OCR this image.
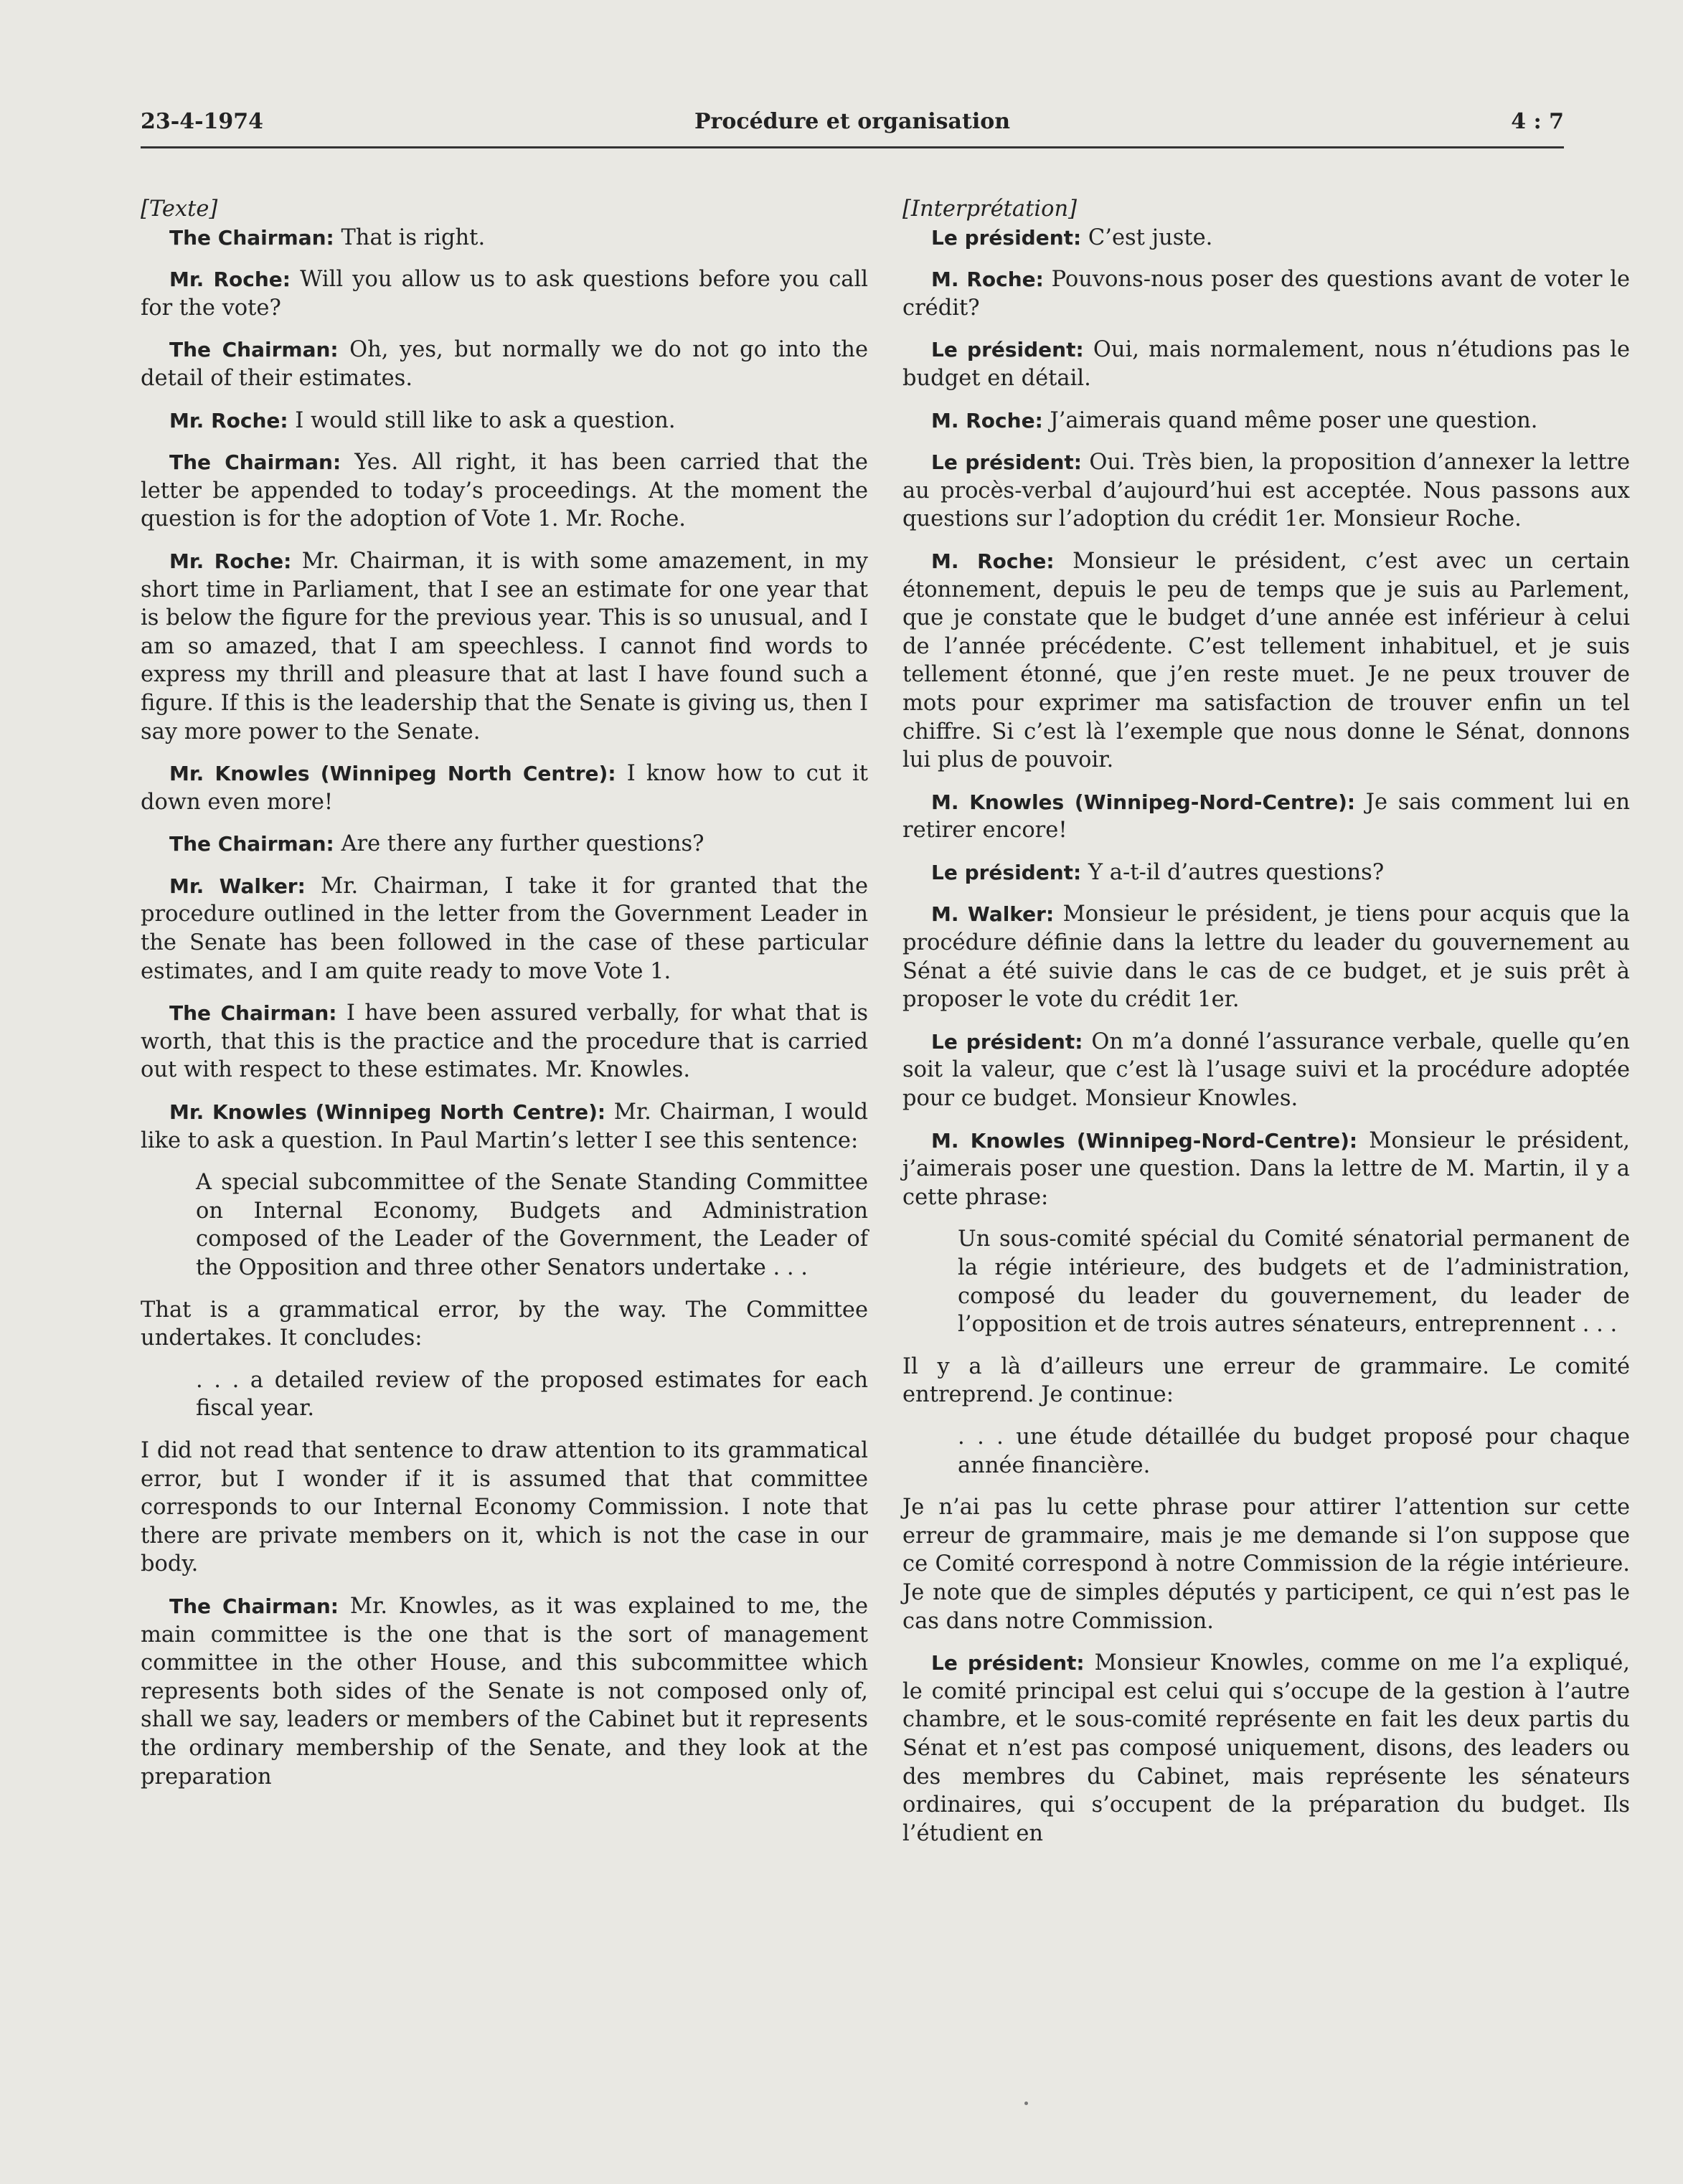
23-4-1974	Procédure et organisation	4 : 7
[Texte]

The Chairman: That is right.

Mr. Roche: Will you allow us to ask questions before you call for the vote?

The Chairman: Oh, yes, but normally we do not go into the detail of their estimates.

Mr. Roche: I would still like to ask a question.

The Chairman: Yes. All right, it has been carried that the letter be appended to today’s proceedings. At the moment the question is for the adoption of Vote 1. Mr. Roche.

Mr. Roche: Mr. Chairman, it is with some amazement, in my short time in Parliament, that I see an estimate for one year that is below the figure for the previous year. This is so unusual, and I am so amazed, that I am speechless. I cannot find words to express my thrill and pleasure that at last I have found such a figure. If this is the leadership that the Senate is giving us, then I say more power to the Senate.

Mr. Knowles (Winnipeg North Centre): I know how to cut it down even more!

The Chairman: Are there any further questions?

Mr. Walker: Mr. Chairman, I take it for granted that the procedure outlined in the letter from the Government Leader in the Senate has been followed in the case of these particular estimates, and I am quite ready to move Vote 1.

The Chairman: I have been assured verbally, for what that is worth, that this is the practice and the procedure that is carried out with respect to these estimates. Mr. Knowles.

Mr. Knowles (Winnipeg North Centre): Mr. Chairman, I would like to ask a question. In Paul Martin’s letter I see this sentence:

A special subcommittee of the Senate Standing Committee on Internal Economy, Budgets and Administration composed of the Leader of the Government, the Leader of the Opposition and three other Senators undertake . . .

That is a grammatical error, by the way. The Committee undertakes. It concludes:

. . . a detailed review of the proposed estimates for each fiscal year.

I did not read that sentence to draw attention to its grammatical error, but I wonder if it is assumed that that committee corresponds to our Internal Economy Commission. I note that there are private members on it, which is not the case in our body.

The Chairman: Mr. Knowles, as it was explained to me, the main committee is the one that is the sort of management committee in the other House, and this subcommittee which represents both sides of the Senate is not composed only of, shall we say, leaders or members of the Cabinet but it represents the ordinary membership of the Senate, and they look at the preparation

[Interprétation]

Le président: C’est juste.

M. Roche: Pouvons-nous poser des questions avant de voter le crédit?

Le président: Oui, mais normalement, nous n’étudions pas le budget en détail.

M. Roche: J’aimerais quand même poser une question.

Le président: Oui. Très bien, la proposition d’annexer la lettre au procès-verbal d’aujourd’hui est acceptée. Nous passons aux questions sur l’adoption du crédit 1er. Monsieur Roche.

M. Roche: Monsieur le président, c’est avec un certain étonnement, depuis le peu de temps que je suis au Parlement, que je constate que le budget d’une année est inférieur à celui de l’année précédente. C’est tellement inhabituel, et je suis tellement étonné, que j’en reste muet. Je ne peux trouver de mots pour exprimer ma satisfaction de trouver enfin un tel chiffre. Si c’est là l’exemple que nous donne le Sénat, donnons lui plus de pouvoir.

M. Knowles (Winnipeg-Nord-Centre): Je sais comment lui en retirer encore!

Le président: Y a-t-il d’autres questions?

M. Walker: Monsieur le président, je tiens pour acquis que la procédure définie dans la lettre du leader du gouvernement au Sénat a été suivie dans le cas de ce budget, et je suis prêt à proposer le vote du crédit 1er.

Le président: On m’a donné l’assurance verbale, quelle qu’en soit la valeur, que c’est là l’usage suivi et la procédure adoptée pour ce budget. Monsieur Knowles.

M. Knowles (Winnipeg-Nord-Centre): Monsieur le président, j’aimerais poser une question. Dans la lettre de M. Martin, il y a cette phrase:

Un sous-comité spécial du Comité sénatorial permanent de la régie intérieure, des budgets et de l’administration, composé du leader du gouvernement, du leader de l’opposition et de trois autres sénateurs, entreprennent . . .

Il y a là d’ailleurs une erreur de grammaire. Le comité entreprend. Je continue:

. . . une étude détaillée du budget proposé pour chaque année financière.

Je n’ai pas lu cette phrase pour attirer l’attention sur cette erreur de grammaire, mais je me demande si l’on suppose que ce Comité correspond à notre Commission de la régie intérieure. Je note que de simples députés y participent, ce qui n’est pas le cas dans notre Commission.

Le président: Monsieur Knowles, comme on me l’a expliqué, le comité principal est celui qui s’occupe de la gestion à l’autre chambre, et le sous-comité représente en fait les deux partis du Sénat et n’est pas composé uniquement, disons, des leaders ou des membres du Cabinet, mais représente les sénateurs ordinaires, qui s’occupent de la préparation du budget. Ils l’étudient en
